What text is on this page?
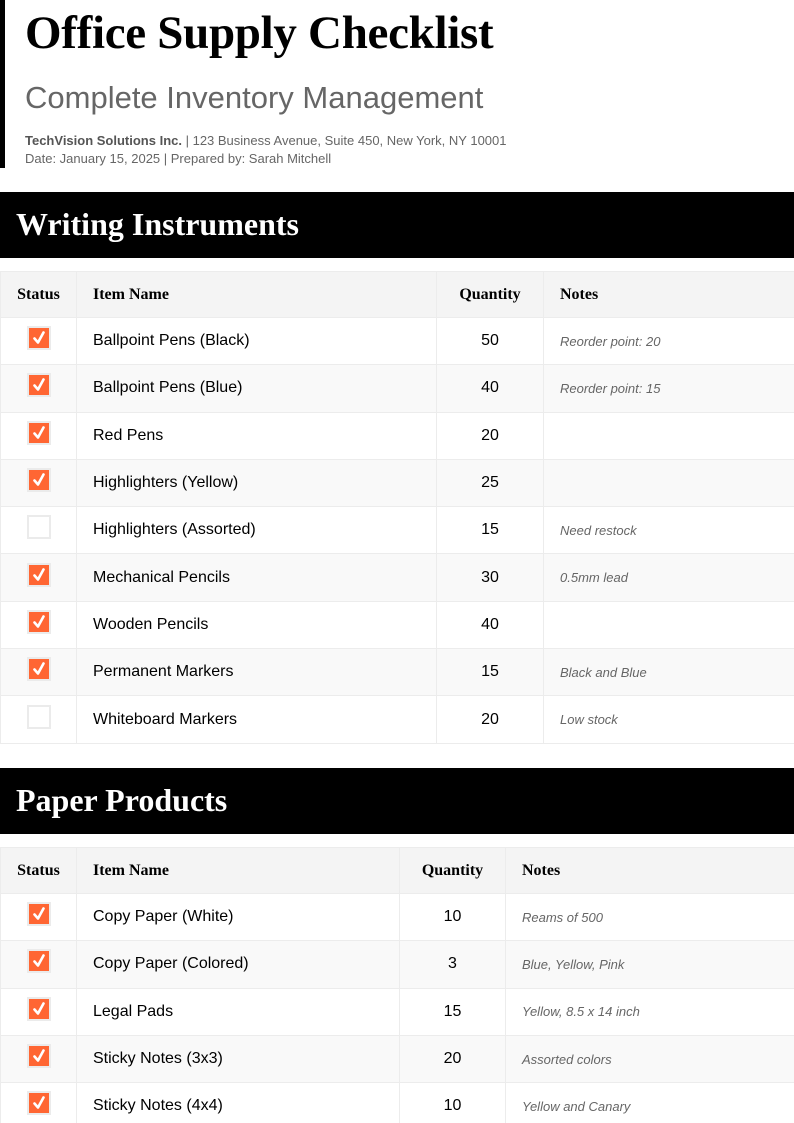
Office Supply Checklist
Complete Inventory Management
TechVision Solutions Inc. | 123 Business Avenue, Suite 450, New York, NY 10001
Date: January 15, 2025 | Prepared by: Sarah Mitchell
Writing Instruments
Status	Item Name	Quantity	Notes

	Ballpoint Pens (Black)	50	Reorder point: 20

	Ballpoint Pens (Blue)	40	Reorder point: 15

	Red Pens	20	

	Highlighters (Yellow)	25	
	Highlighters (Assorted)	15	Need restock

	Mechanical Pencils	30	0.5mm lead

	Wooden Pencils	40	

	Permanent Markers	15	Black and Blue
	Whiteboard Markers	20	Low stock
Paper Products
Status	Item Name	Quantity	Notes

	Copy Paper (White)	10	Reams of 500

	Copy Paper (Colored)	3	Blue, Yellow, Pink

	Legal Pads	15	Yellow, 8.5 x 14 inch

	Sticky Notes (3x3)	20	Assorted colors

	Sticky Notes (4x4)	10	Yellow and Canary
